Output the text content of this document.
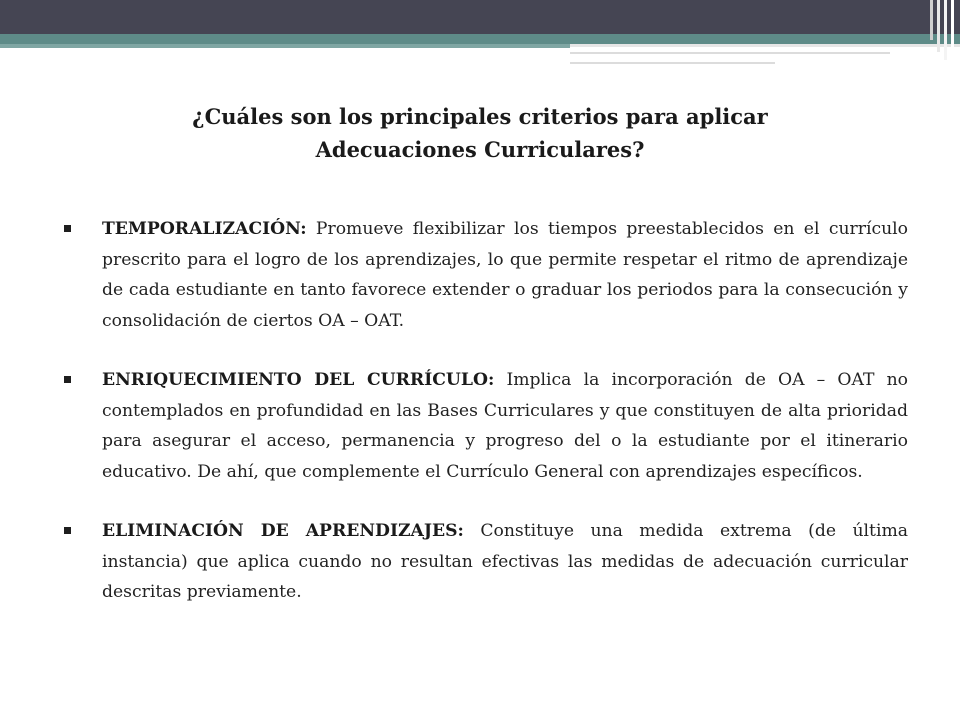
¿Cuáles son los principales criterios para aplicar Adecuaciones Curriculares?
TEMPORALIZACIÓN: Promueve flexibilizar los tiempos preestablecidos en el currículo prescrito para el logro de los aprendizajes, lo que permite respetar el ritmo de aprendizaje de cada estudiante en tanto favorece extender o graduar los periodos para la consecución y consolidación de ciertos OA – OAT.
ENRIQUECIMIENTO DEL CURRÍCULO: Implica la incorporación de OA – OAT no contemplados en profundidad en las Bases Curriculares y que constituyen de alta prioridad para asegurar el acceso, permanencia y progreso del o la estudiante por el itinerario educativo. De ahí, que complemente el Currículo General con aprendizajes específicos.
ELIMINACIÓN DE APRENDIZAJES: Constituye una medida extrema (de última instancia) que aplica cuando no resultan efectivas las medidas de adecuación curricular descritas previamente.
